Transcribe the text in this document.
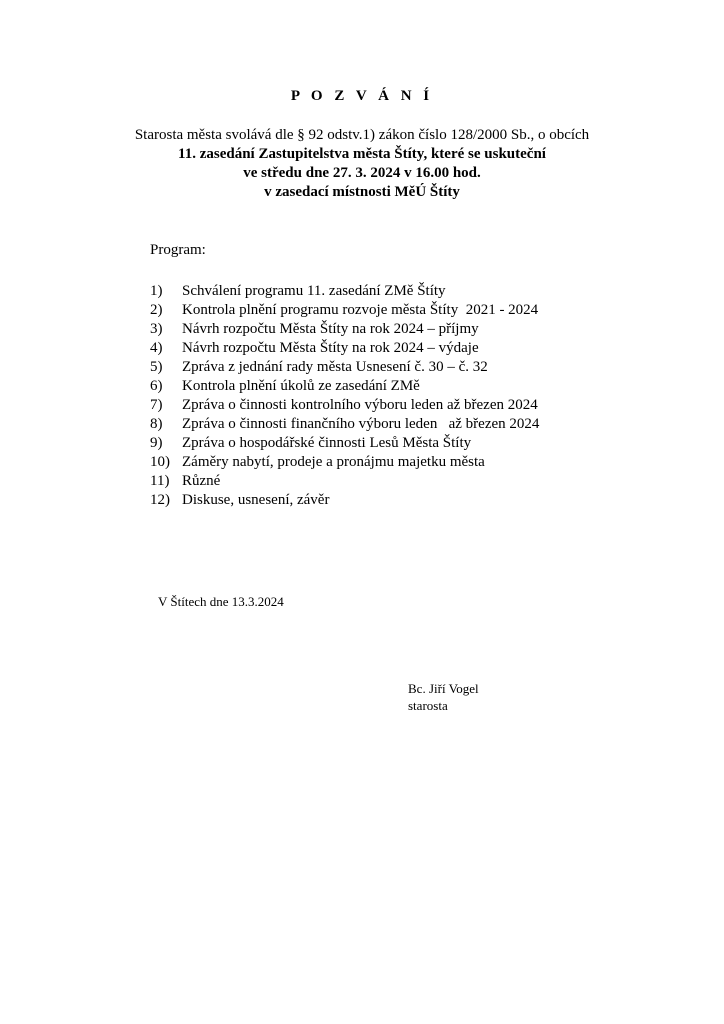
P O Z V Á N Í
Starosta města svolává dle § 92 odstv.1) zákon číslo 128/2000 Sb., o obcích
11. zasedání Zastupitelstva města Štíty, které se uskuteční
ve středu dne 27. 3. 2024 v 16.00 hod.
v zasedací místnosti MěÚ Štíty
Program:
1)	Schválení programu 11. zasedání ZMě Štíty
2)	Kontrola plnění programu rozvoje města Štíty  2021 - 2024
3)	Návrh rozpočtu Města Štíty na rok 2024 – příjmy
4)	Návrh rozpočtu Města Štíty na rok 2024 – výdaje
5)	Zpráva z jednání rady města Usnesení č. 30 – č. 32
6)	Kontrola plnění úkolů ze zasedání ZMě
7)	Zpráva o činnosti kontrolního výboru leden až březen 2024
8)	Zpráva o činnosti finančního výboru leden   až březen 2024
9)	Zpráva o hospodářské činnosti Lesů Města Štíty
10) Záměry nabytí, prodeje a pronájmu majetku města
11) Různé
12) Diskuse, usnesení, závěr
V Štítech dne 13.3.2024
Bc. Jiří Vogel
starosta
